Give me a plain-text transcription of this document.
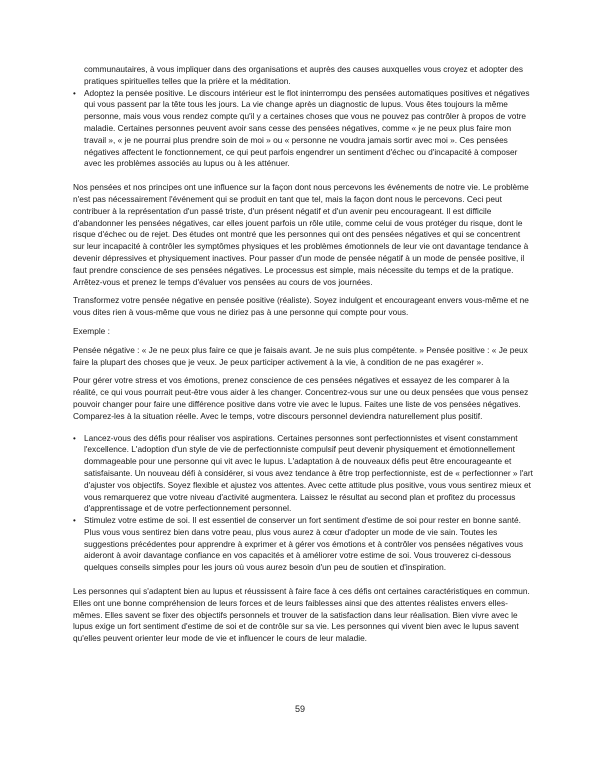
communautaires, à vous impliquer dans des organisations et auprès des causes auxquelles vous croyez et adopter des pratiques spirituelles telles que la prière et la méditation.

• Adoptez la pensée positive. Le discours intérieur est le flot ininterrompu des pensées automatiques positives et négatives qui vous passent par la tête tous les jours. La vie change après un diagnostic de lupus. Vous êtes toujours la même personne, mais vous vous rendez compte qu'il y a certaines choses que vous ne pouvez pas contrôler à propos de votre maladie. Certaines personnes peuvent avoir sans cesse des pensées négatives, comme « je ne peux plus faire mon travail », « je ne pourrai plus prendre soin de moi » ou « personne ne voudra jamais sortir avec moi ». Ces pensées négatives affectent le fonctionnement, ce qui peut parfois engendrer un sentiment d'échec ou d'incapacité à composer avec les problèmes associés au lupus ou à les atténuer.

Nos pensées et nos principes ont une influence sur la façon dont nous percevons les événements de notre vie. Le problème n'est pas nécessairement l'événement qui se produit en tant que tel, mais la façon dont nous le percevons. Ceci peut contribuer à la représentation d'un passé triste, d'un présent négatif et d'un avenir peu encourageant. Il est difficile d'abandonner les pensées négatives, car elles jouent parfois un rôle utile, comme celui de vous protéger du risque, dont le risque d'échec ou de rejet. Des études ont montré que les personnes qui ont des pensées négatives et qui se concentrent sur leur incapacité à contrôler les symptômes physiques et les problèmes émotionnels de leur vie ont davantage tendance à devenir dépressives et physiquement inactives. Pour passer d'un mode de pensée négatif à un mode de pensée positive, il faut prendre conscience de ses pensées négatives. Le processus est simple, mais nécessite du temps et de la pratique. Arrêtez-vous et prenez le temps d'évaluer vos pensées au cours de vos journées.

Transformez votre pensée négative en pensée positive (réaliste). Soyez indulgent et encourageant envers vous-même et ne vous dites rien à vous-même que vous ne diriez pas à une personne qui compte pour vous.

Exemple :

Pensée négative : « Je ne peux plus faire ce que je faisais avant. Je ne suis plus compétente. » Pensée positive : « Je peux faire la plupart des choses que je veux. Je peux participer activement à la vie, à condition de ne pas exagérer ».

Pour gérer votre stress et vos émotions, prenez conscience de ces pensées négatives et essayez de les comparer à la réalité, ce qui vous pourrait peut-être vous aider à les changer. Concentrez-vous sur une ou deux pensées que vous pensez pouvoir changer pour faire une différence positive dans votre vie avec le lupus. Faites une liste de vos pensées négatives. Comparez-les à la situation réelle. Avec le temps, votre discours personnel deviendra naturellement plus positif.

• Lancez-vous des défis pour réaliser vos aspirations. Certaines personnes sont perfectionnistes et visent constamment l'excellence. L'adoption d'un style de vie de perfectionniste compulsif peut devenir physiquement et émotionnellement dommageable pour une personne qui vit avec le lupus. L'adaptation à de nouveaux défis peut être encourageante et satisfaisante. Un nouveau défi à considérer, si vous avez tendance à être trop perfectionniste, est de « perfectionner » l'art d'ajuster vos objectifs. Soyez flexible et ajustez vos attentes. Avec cette attitude plus positive, vous vous sentirez mieux et vous remarquerez que votre niveau d'activité augmentera. Laissez le résultat au second plan et profitez du processus d'apprentissage et de votre perfectionnement personnel.
• Stimulez votre estime de soi. Il est essentiel de conserver un fort sentiment d'estime de soi pour rester en bonne santé. Plus vous vous sentirez bien dans votre peau, plus vous aurez à cœur d'adopter un mode de vie sain. Toutes les suggestions précédentes pour apprendre à exprimer et à gérer vos émotions et à contrôler vos pensées négatives vous aideront à avoir davantage confiance en vos capacités et à améliorer votre estime de soi. Vous trouverez ci-dessous quelques conseils simples pour les jours où vous aurez besoin d'un peu de soutien et d'inspiration.

Les personnes qui s'adaptent bien au lupus et réussissent à faire face à ces défis ont certaines caractéristiques en commun. Elles ont une bonne compréhension de leurs forces et de leurs faiblesses ainsi que des attentes réalistes envers elles-mêmes. Elles savent se fixer des objectifs personnels et trouver de la satisfaction dans leur réalisation. Bien vivre avec le lupus exige un fort sentiment d'estime de soi et de contrôle sur sa vie. Les personnes qui vivent bien avec le lupus savent qu'elles peuvent orienter leur mode de vie et influencer le cours de leur maladie.

59
